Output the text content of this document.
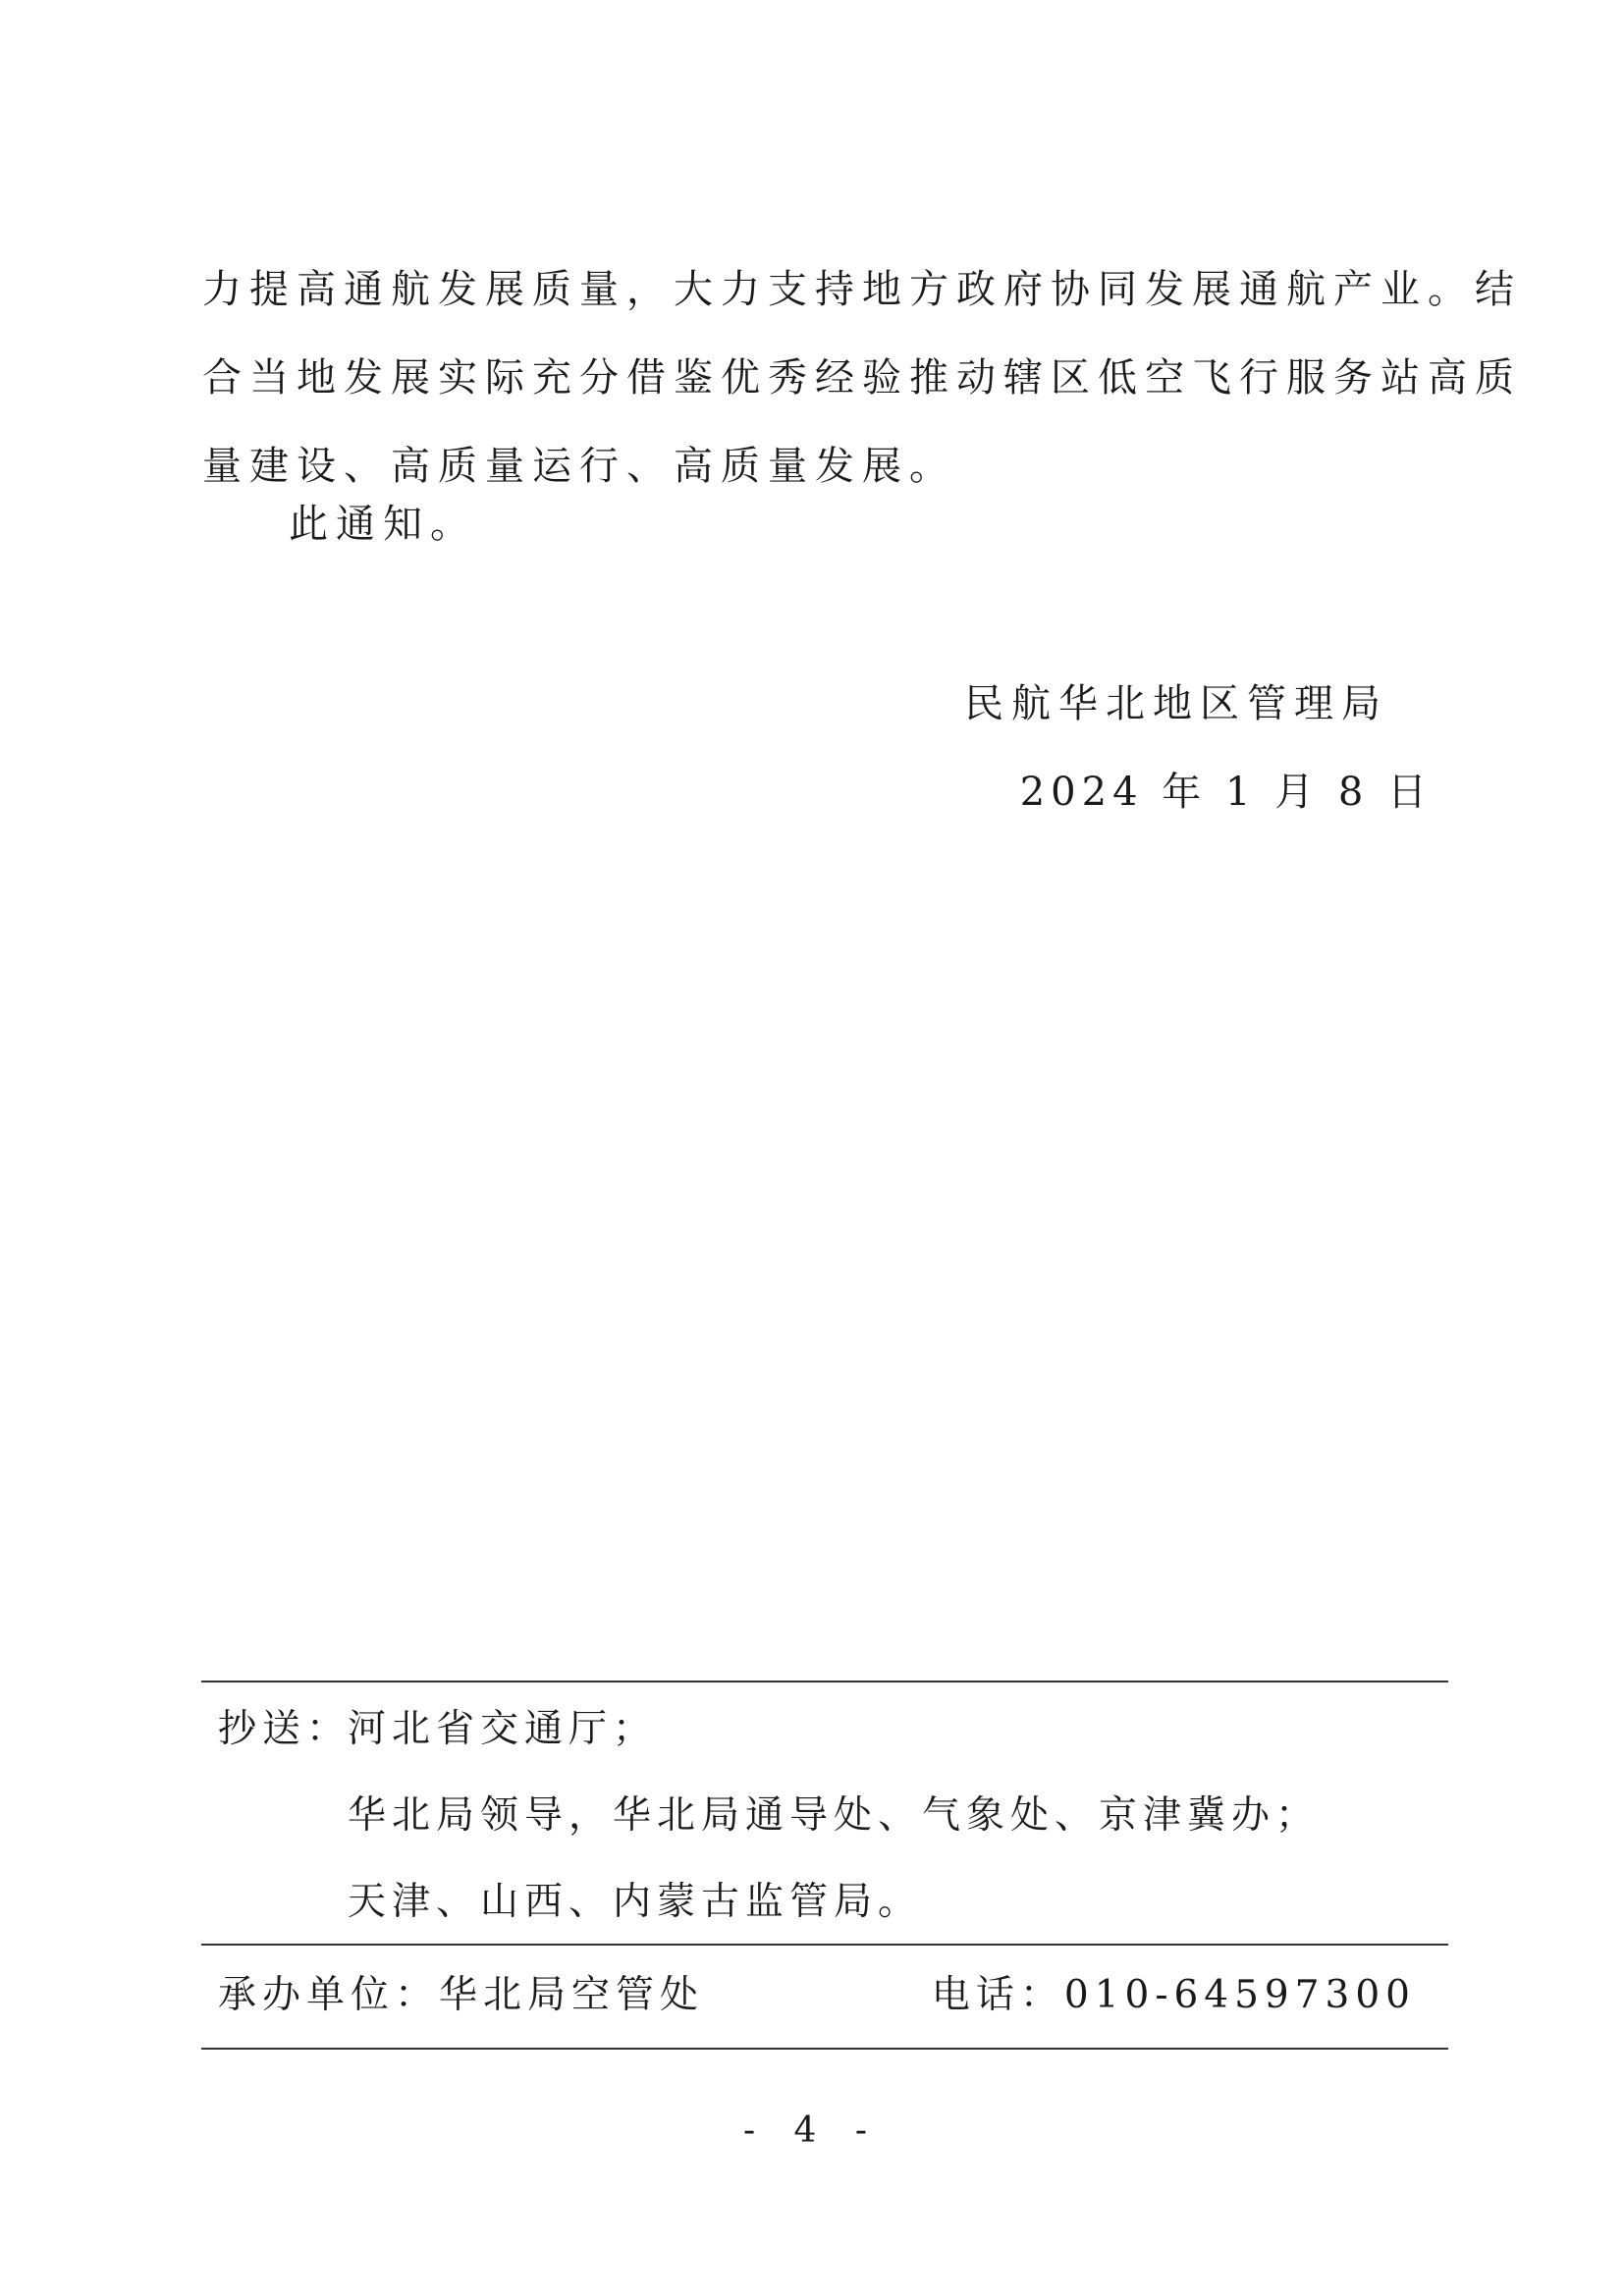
力提高通航发展质量，大力支持地方政府协同发展通航产业。结
合当地发展实际充分借鉴优秀经验推动辖区低空飞行服务站高质
量建设、高质量运行、高质量发展。

此通知。

民航华北地区管理局

2024 年 1 月 8 日

抄送：
河北省交通厅；
华北局领导，华北局通导处、气象处、京津冀办；
天津、山西、内蒙古监管局。
承办单位：华北局空管处	电话：010-64597300
- 4 -
